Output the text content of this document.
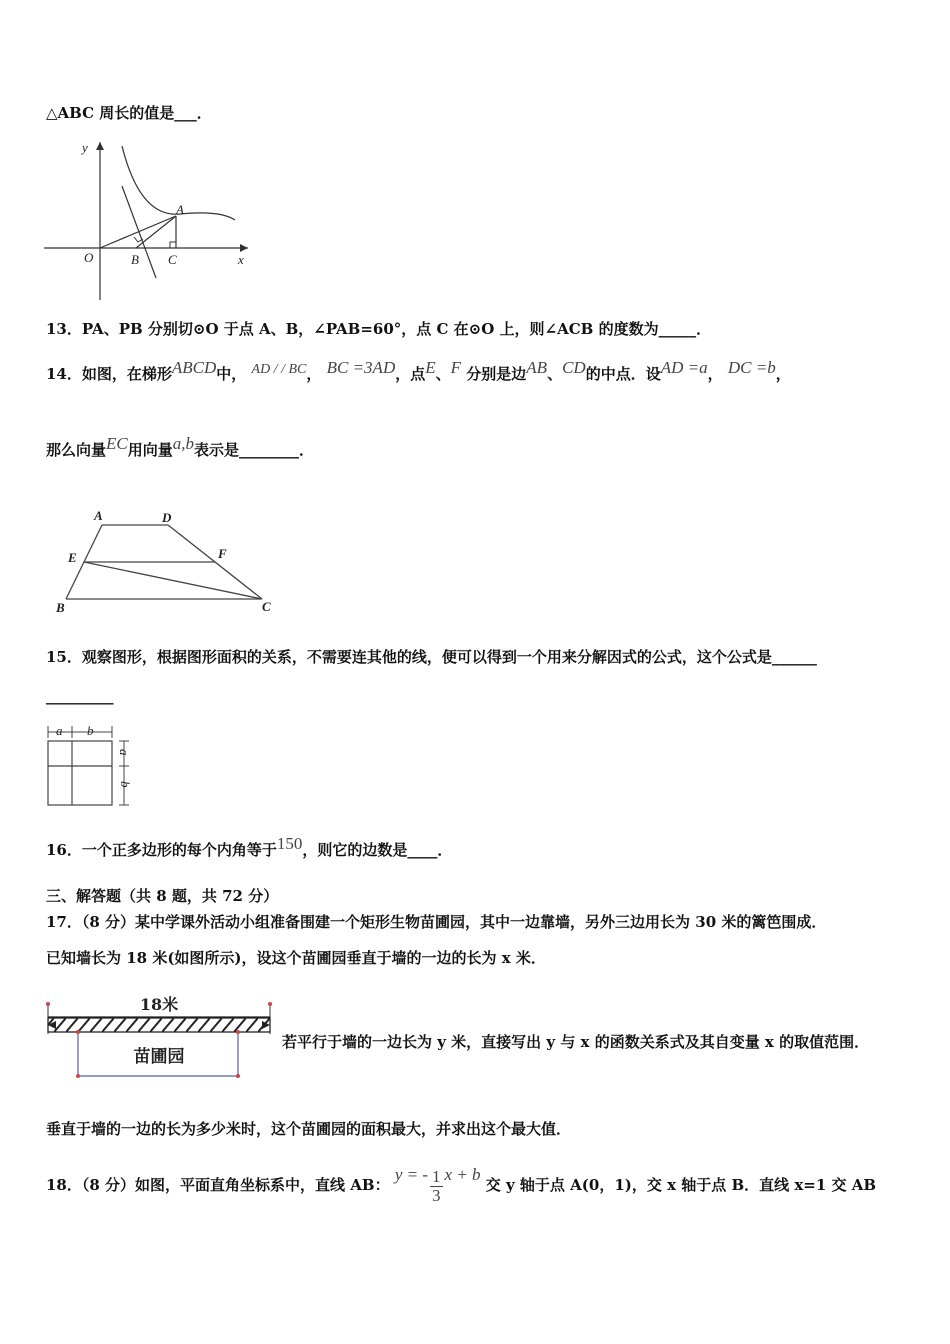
△ABC 周长的值是___．
y
O	x
A
B C
13．PA、PB 分别切⊙O 于点 A、B，∠PAB=60°，点 C 在⊙O 上，则∠ACB 的度数为_____．
14．如图，在梯形ABCD中， AD / / BC， BC =3AD，点E、F 分别是边AB、CD的中点．设AD =a， DC =b，
那么向量EC用向量a,b表示是________．
A	D
E	F
B	C
15．观察图形，根据图形面积的关系，不需要连其他的线，便可以得到一个用来分解因式的公式，这个公式是______
_________
a b
a
b
16．一个正多边形的每个内角等于150，则它的边数是____．
三、解答题（共 8 题，共 72 分）
17．（8 分）某中学课外活动小组准备围建一个矩形生物苗圃园，其中一边靠墙，另外三边用长为 30 米的篱笆围成．
已知墙长为 18 米(如图所示)，设这个苗圃园垂直于墙的一边的长为 x 米．
18米
苗圃园
若平行于墙的一边长为 y 米，直接写出 y 与 x 的函数关系式及其自变量 x 的取值范围．
垂直于墙的一边的长为多少米时，这个苗圃园的面积最大，并求出这个最大值．
18．（8 分）如图，平面直角坐标系中，直线 AB： y = - $\frac{1}{3}$ x + b 交 y 轴于点 A(0，1)，交 x 轴于点 B．直线 x=1 交 AB
